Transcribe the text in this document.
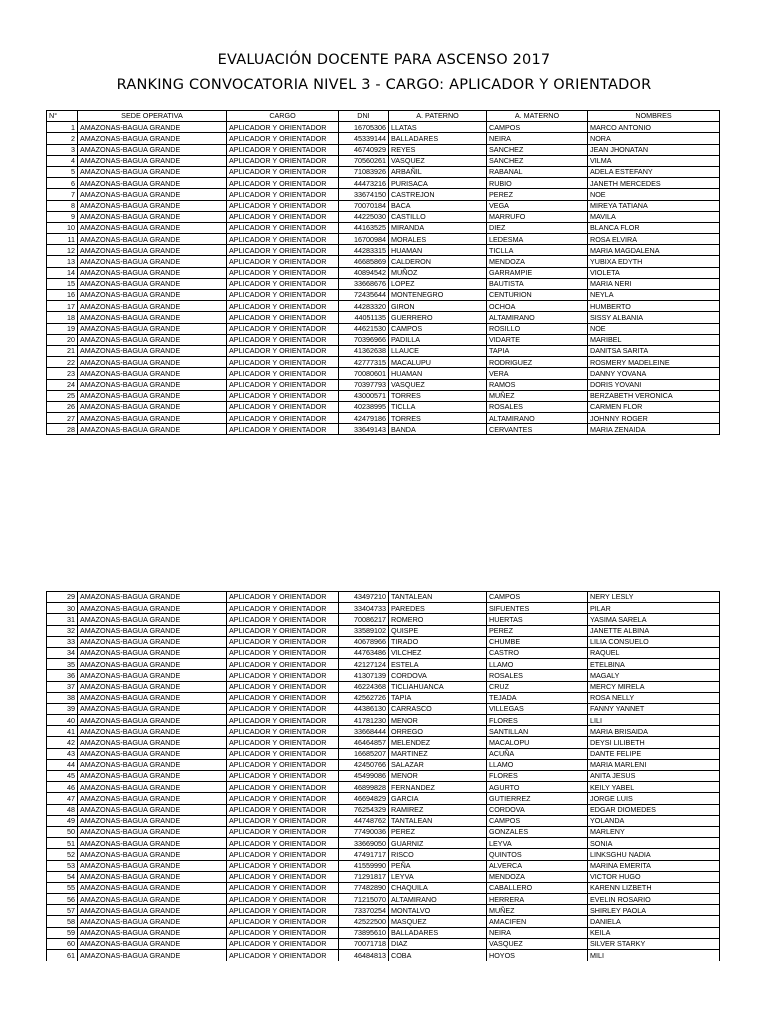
EVALUACIÓN DOCENTE PARA ASCENSO 2017
RANKING CONVOCATORIA NIVEL 3 - CARGO: APLICADOR Y ORIENTADOR
N°	SEDE OPERATIVA	CARGO	DNI	A. PATERNO	A. MATERNO	NOMBRES
1	AMAZONAS-BAGUA GRANDE	APLICADOR Y ORIENTADOR	16705306	LLATAS	CAMPOS	MARCO ANTONIO
2	AMAZONAS-BAGUA GRANDE	APLICADOR Y ORIENTADOR	45339144	BALLADARES	NEIRA	NORA
3	AMAZONAS-BAGUA GRANDE	APLICADOR Y ORIENTADOR	46740929	REYES	SANCHEZ	JEAN JHONATAN
4	AMAZONAS-BAGUA GRANDE	APLICADOR Y ORIENTADOR	70560261	VASQUEZ	SANCHEZ	VILMA
5	AMAZONAS-BAGUA GRANDE	APLICADOR Y ORIENTADOR	71083926	ARBAÑIL	RABANAL	ADELA ESTEFANY
6	AMAZONAS-BAGUA GRANDE	APLICADOR Y ORIENTADOR	44473216	PURISACA	RUBIO	JANETH MERCEDES
7	AMAZONAS-BAGUA GRANDE	APLICADOR Y ORIENTADOR	33674150	CASTREJON	PEREZ	NOE
8	AMAZONAS-BAGUA GRANDE	APLICADOR Y ORIENTADOR	70070184	BACA	VEGA	MIREYA TATIANA
9	AMAZONAS-BAGUA GRANDE	APLICADOR Y ORIENTADOR	44225030	CASTILLO	MARRUFO	MAVILA
10	AMAZONAS-BAGUA GRANDE	APLICADOR Y ORIENTADOR	44163525	MIRANDA	DIEZ	BLANCA FLOR
11	AMAZONAS-BAGUA GRANDE	APLICADOR Y ORIENTADOR	16700984	MORALES	LEDESMA	ROSA ELVIRA
12	AMAZONAS-BAGUA GRANDE	APLICADOR Y ORIENTADOR	44283315	HUAMAN	TICLLA	MARIA MAGDALENA
13	AMAZONAS-BAGUA GRANDE	APLICADOR Y ORIENTADOR	46685869	CALDERON	MENDOZA	YUBIXA EDYTH
14	AMAZONAS-BAGUA GRANDE	APLICADOR Y ORIENTADOR	40894542	MUÑOZ	GARRAMPIE	VIOLETA
15	AMAZONAS-BAGUA GRANDE	APLICADOR Y ORIENTADOR	33668676	LOPEZ	BAUTISTA	MARIA NERI
16	AMAZONAS-BAGUA GRANDE	APLICADOR Y ORIENTADOR	72435644	MONTENEGRO	CENTURION	NEYLA
17	AMAZONAS-BAGUA GRANDE	APLICADOR Y ORIENTADOR	44283320	GIRON	OCHOA	HUMBERTO
18	AMAZONAS-BAGUA GRANDE	APLICADOR Y ORIENTADOR	44051135	GUERRERO	ALTAMIRANO	SISSY ALBANIA
19	AMAZONAS-BAGUA GRANDE	APLICADOR Y ORIENTADOR	44621530	CAMPOS	ROSILLO	NOE
20	AMAZONAS-BAGUA GRANDE	APLICADOR Y ORIENTADOR	70396966	PADILLA	VIDARTE	MARIBEL
21	AMAZONAS-BAGUA GRANDE	APLICADOR Y ORIENTADOR	41362638	LLAUCE	TAPIA	DANITSA SARITA
22	AMAZONAS-BAGUA GRANDE	APLICADOR Y ORIENTADOR	42777315	MACALUPU	RODRIGUEZ	ROSMERY MADELEINE
23	AMAZONAS-BAGUA GRANDE	APLICADOR Y ORIENTADOR	70080601	HUAMAN	VERA	DANNY YOVANA
24	AMAZONAS-BAGUA GRANDE	APLICADOR Y ORIENTADOR	70397793	VASQUEZ	RAMOS	DORIS YOVANI
25	AMAZONAS-BAGUA GRANDE	APLICADOR Y ORIENTADOR	43000571	TORRES	MUÑEZ	BERZABETH VERONICA
26	AMAZONAS-BAGUA GRANDE	APLICADOR Y ORIENTADOR	40238995	TICLLA	ROSALES	CARMEN FLOR
27	AMAZONAS-BAGUA GRANDE	APLICADOR Y ORIENTADOR	42479186	TORRES	ALTAMIRANO	JOHNNY ROGER
28	AMAZONAS-BAGUA GRANDE	APLICADOR Y ORIENTADOR	33649143	BANDA	CERVANTES	MARIA ZENAIDA
29	AMAZONAS-BAGUA GRANDE	APLICADOR Y ORIENTADOR	43497210	TANTALEAN	CAMPOS	NERY LESLY
30	AMAZONAS-BAGUA GRANDE	APLICADOR Y ORIENTADOR	33404733	PAREDES	SIFUENTES	PILAR
31	AMAZONAS-BAGUA GRANDE	APLICADOR Y ORIENTADOR	70086217	ROMERO	HUERTAS	YASIMA SARELA
32	AMAZONAS-BAGUA GRANDE	APLICADOR Y ORIENTADOR	33589102	QUISPE	PEREZ	JANETTE ALBINA
33	AMAZONAS-BAGUA GRANDE	APLICADOR Y ORIENTADOR	40678966	TIRADO	CHUMBE	LILIA CONSUELO
34	AMAZONAS-BAGUA GRANDE	APLICADOR Y ORIENTADOR	44763486	VILCHEZ	CASTRO	RAQUEL
35	AMAZONAS-BAGUA GRANDE	APLICADOR Y ORIENTADOR	42127124	ESTELA	LLAMO	ETELBINA
36	AMAZONAS-BAGUA GRANDE	APLICADOR Y ORIENTADOR	41307139	CORDOVA	ROSALES	MAGALY
37	AMAZONAS-BAGUA GRANDE	APLICADOR Y ORIENTADOR	46224368	TICLIAHUANCA	CRUZ	MERCY MIRELA
38	AMAZONAS-BAGUA GRANDE	APLICADOR Y ORIENTADOR	42562726	TAPIA	TEJADA	ROSA NELLY
39	AMAZONAS-BAGUA GRANDE	APLICADOR Y ORIENTADOR	44386130	CARRASCO	VILLEGAS	FANNY YANNET
40	AMAZONAS-BAGUA GRANDE	APLICADOR Y ORIENTADOR	41781230	MENOR	FLORES	LILI
41	AMAZONAS-BAGUA GRANDE	APLICADOR Y ORIENTADOR	33668444	ORREGO	SANTILLAN	MARIA BRISAIDA
42	AMAZONAS-BAGUA GRANDE	APLICADOR Y ORIENTADOR	46464857	MELENDEZ	MACALOPU	DEYSI LILIBETH
43	AMAZONAS-BAGUA GRANDE	APLICADOR Y ORIENTADOR	16685207	MARTINEZ	ACUÑA	DANTE FELIPE
44	AMAZONAS-BAGUA GRANDE	APLICADOR Y ORIENTADOR	42450766	SALAZAR	LLAMO	MARIA MARLENI
45	AMAZONAS-BAGUA GRANDE	APLICADOR Y ORIENTADOR	45499086	MENOR	FLORES	ANITA JESUS
46	AMAZONAS-BAGUA GRANDE	APLICADOR Y ORIENTADOR	46899828	FERNANDEZ	AGURTO	KEILY YABEL
47	AMAZONAS-BAGUA GRANDE	APLICADOR Y ORIENTADOR	46694829	GARCIA	GUTIERREZ	JORGE LUIS
48	AMAZONAS-BAGUA GRANDE	APLICADOR Y ORIENTADOR	76254329	RAMIREZ	CORDOVA	EDGAR DIOMEDES
49	AMAZONAS-BAGUA GRANDE	APLICADOR Y ORIENTADOR	44748762	TANTALEAN	CAMPOS	YOLANDA
50	AMAZONAS-BAGUA GRANDE	APLICADOR Y ORIENTADOR	77490036	PEREZ	GONZALES	MARLENY
51	AMAZONAS-BAGUA GRANDE	APLICADOR Y ORIENTADOR	33669050	GUARNIZ	LEYVA	SONIA
52	AMAZONAS-BAGUA GRANDE	APLICADOR Y ORIENTADOR	47491717	RISCO	QUINTOS	LINKSGHU NADIA
53	AMAZONAS-BAGUA GRANDE	APLICADOR Y ORIENTADOR	41559990	PEÑA	ALVERCA	MARINA EMERITA
54	AMAZONAS-BAGUA GRANDE	APLICADOR Y ORIENTADOR	71291817	LEYVA	MENDOZA	VICTOR HUGO
55	AMAZONAS-BAGUA GRANDE	APLICADOR Y ORIENTADOR	77482890	CHAQUILA	CABALLERO	KARENN LIZBETH
56	AMAZONAS-BAGUA GRANDE	APLICADOR Y ORIENTADOR	71215070	ALTAMIRANO	HERRERA	EVELIN ROSARIO
57	AMAZONAS-BAGUA GRANDE	APLICADOR Y ORIENTADOR	73370254	MONTALVO	MUÑEZ	SHIRLEY PAOLA
58	AMAZONAS-BAGUA GRANDE	APLICADOR Y ORIENTADOR	42522500	MASQUEZ	AMACIFEN	DANIELA
59	AMAZONAS-BAGUA GRANDE	APLICADOR Y ORIENTADOR	73895610	BALLADARES	NEIRA	KEILA
60	AMAZONAS-BAGUA GRANDE	APLICADOR Y ORIENTADOR	70071718	DIAZ	VASQUEZ	SILVER STARKY
61	AMAZONAS-BAGUA GRANDE	APLICADOR Y ORIENTADOR	46484813	COBA	HOYOS	MILI
